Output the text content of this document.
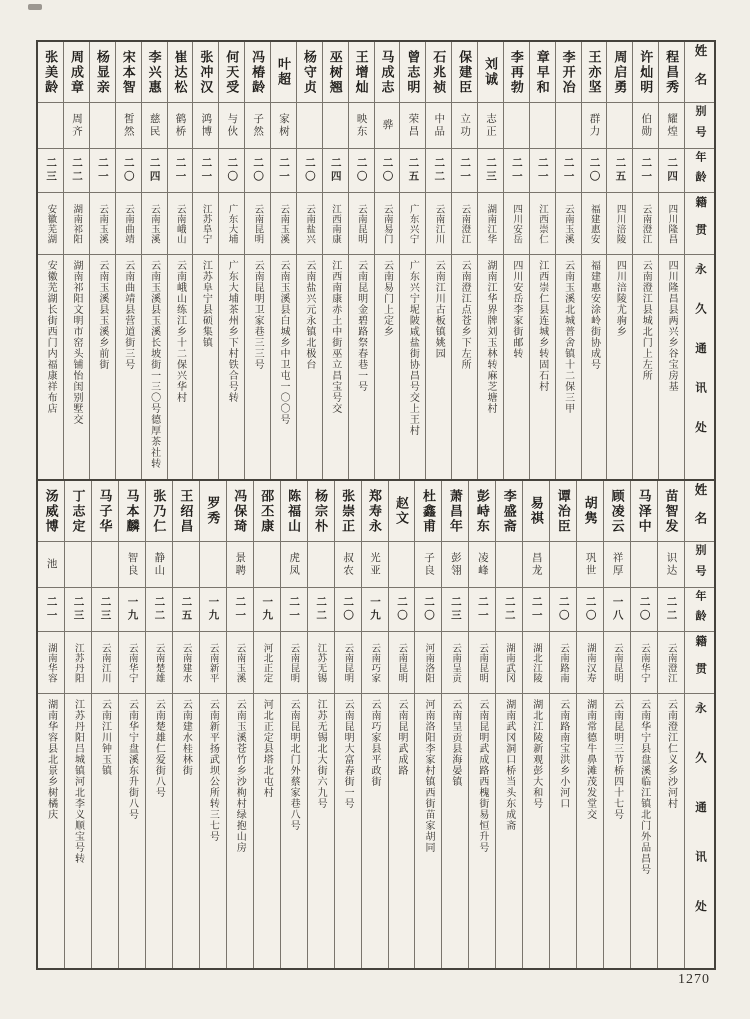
姓名
别号
年龄
籍贯
永久通讯处
程昌秀
耀煌
二四
四川隆昌
四川隆昌县两兴乡谷宝房基
许灿明
伯勋
二一
云南澄江
云南澄江县城北门上左所
周启勇
二五
四川涪陵
四川涪陵尤驹乡
王亦坚
群力
二〇
福建惠安
福建惠安涂岭街协成号
李开冶
二一
云南玉溪
云南玉溪北城普舍镇十二保三甲
章早和
二一
江西崇仁
江西崇仁县连城乡转固石村
李再勃
二一
四川安岳
四川安岳李家街邮转
刘诚
志正
二三
湖南江华
湖南江华界牌刘玉林转麻芝塘村
保建臣
立功
二一
云南澄江
云南澄江点苍乡下左所
石兆祯
中品
二二
云南江川
云南江川古板镇姚园
曾志明
荣昌
二五
广东兴宁
广东兴宁坭陂咸盐街协昌号交上王村
马成志
骅
二〇
云南易门
云南易门上定乡
王增灿
映东
二〇
云南昆明
云南昆明金碧路祭春巷一号
巫树翘
二四
江西南康
江西南康赤土中街巫立昌宝号交
杨守贞
二〇
云南盐兴
云南盐兴元永镇北极台
叶超
家树
二一
云南玉溪
云南玉溪县白城乡中卫屯一〇〇号
冯椿龄
子然
二〇
云南昆明
云南昆明卫家巷三三号
何天受
与伙
二〇
广东大埔
广东大埔茶州乡下村铁合号转
张冲汉
鸿博
二一
江苏阜宁
江苏阜宁县硕集镇
崔达松
鹤桥
二一
云南峨山
云南峨山练江乡十二保兴华村
李兴惠
慈民
二四
云南玉溪
云南玉溪县玉溪长坡街一三〇号德厚茶社转
宋本智
皙然
二〇
云南曲靖
云南曲靖县营道街三号
杨显亲
二一
云南玉溪
云南玉溪县玉溪乡前街
周成章
周齐
二二
湖南祁阳
湖南祁阳文明市窑头铺怡闺别墅交
张美龄
二三
安徽芜湖
安徽芜湖长街西门内福康祥布店
姓名
别号
年龄
籍贯
永久通讯处
苗智发
识达
二二
云南澄江
云南澄江仁义乡沙河村
马泽中
二〇
云南华宁
云南华宁县盘溪临江镇北门外品昌号
顾凌云
祥厚
一八
云南昆明
云南昆明三节桥四十七号
胡隽
巩世
二〇
湖南汉寿
湖南常德牛鼻滩茂发堂交
谭治臣
二〇
云南路南
云南路南宝洪乡小河口
易祺
昌龙
二一
湖北江陵
湖北江陵新观彭大和号
李盛斋
二二
湖南武冈
湖南武冈洞口桥当头东成斋
彭峙东
凌峰
二一
云南昆明
云南昆明武成路西槐街易恒升号
萧昌年
彭翎
二三
云南呈贡
云南呈贡县海晏镇
杜鑫甫
子良
二〇
河南洛阳
河南洛阳李家村镇西街苗家胡同
赵文
二〇
云南昆明
云南昆明武成路
郑寿永
光亚
一九
云南巧家
云南巧家县平政街
张崇正
叔农
二〇
云南昆明
云南昆明大富春街一号
杨宗朴
二二
江苏无锡
江苏无锡北大街六九号
陈福山
虎凤
二一
云南昆明
云南昆明北门外蔡家巷八号
邵丕康
一九
河北正定
河北正定县塔北屯村
冯保琦
景聘
二一
云南玉溪
云南玉溪苍竹乡沙枸村绿抱山房
罗秀
一九
云南新平
云南新平扬武坝公所转三七号
王绍昌
二五
云南建水
云南建水桂林街
张乃仁
静山
二二
云南楚雄
云南楚雄仁爱街八号
马本麟
智良
一九
云南华宁
云南华宁盘溪东升街八号
马子华
二三
云南江川
云南江川钟玉镇
丁志定
二三
江苏丹阳
江苏丹阳吕城镇河北李义顺宝号转
汤威博
池
二一
湖南华容
湖南华容县北景乡树橘庆
1270
